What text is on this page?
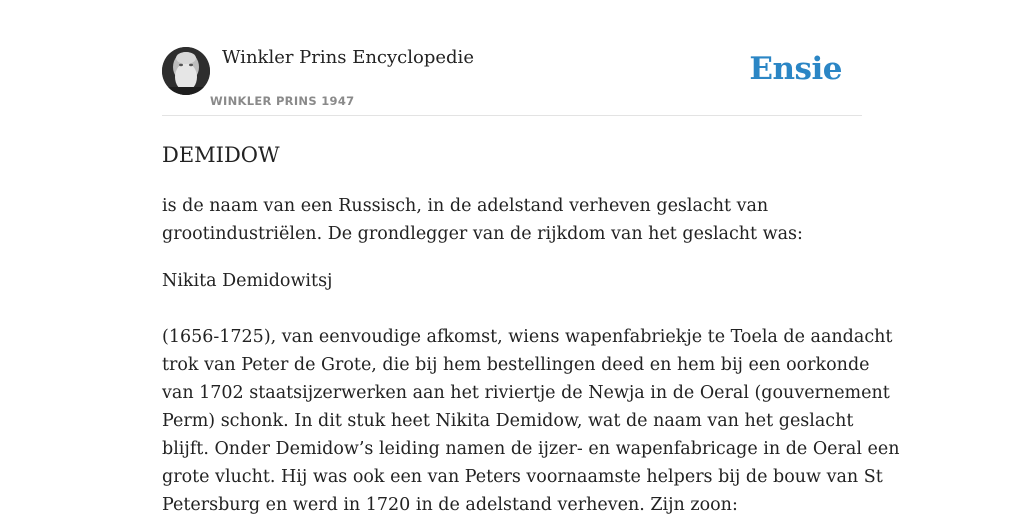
Winkler Prins Encyclopedie
WINKLER PRINS 1947
Ensie
DEMIDOW

is de naam van een Russisch, in de adelstand verheven geslacht van
grootindustriëlen. De grondlegger van de rijkdom van het geslacht was:

Nikita Demidowitsj

(1656-1725), van eenvoudige afkomst, wiens wapenfabriekje te Toela de aandacht
trok van Peter de Grote, die bij hem bestellingen deed en hem bij een oorkonde
van 1702 staatsijzerwerken aan het riviertje de Newja in de Oeral (gouvernement
Perm) schonk. In dit stuk heet Nikita Demidow, wat de naam van het geslacht
blijft. Onder Demidow’s leiding namen de ijzer- en wapenfabricage in de Oeral een
grote vlucht. Hij was ook een van Peters voornaamste helpers bij de bouw van St
Petersburg en werd in 1720 in de adelstand verheven. Zijn zoon:
